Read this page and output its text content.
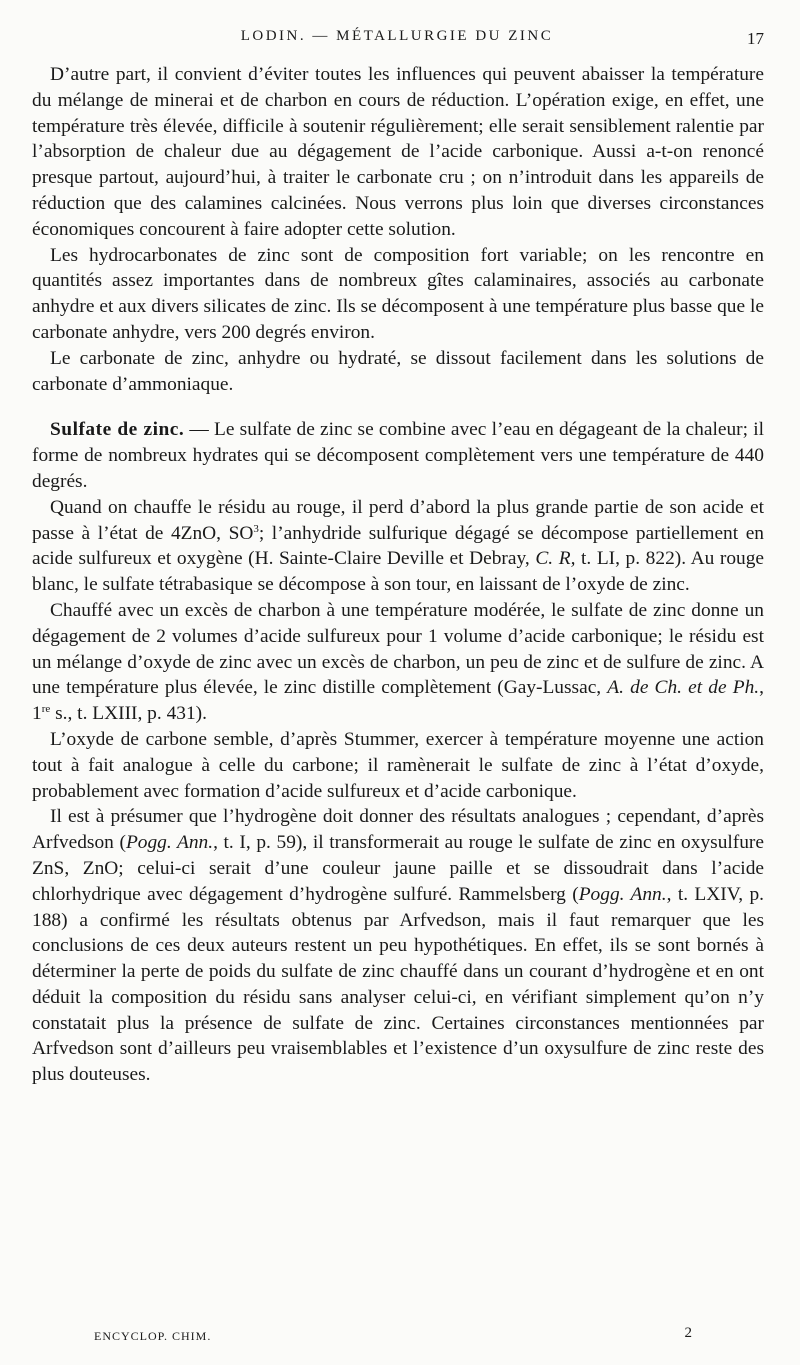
LODIN. — MÉTALLURGIE DU ZINC	17

D’autre part, il convient d’éviter toutes les influences qui peuvent abaisser la température du mélange de minerai et de charbon en cours de réduction. L’opération exige, en effet, une température très élevée, difficile à soutenir régulièrement; elle serait sensiblement ralentie par l’absorption de chaleur due au dégagement de l’acide carbonique. Aussi a-t-on renoncé presque partout, aujourd’hui, à traiter le carbonate cru ; on n’introduit dans les appareils de réduction que des calamines calcinées. Nous verrons plus loin que diverses circonstances économiques concourent à faire adopter cette solution.

Les hydrocarbonates de zinc sont de composition fort variable; on les rencontre en quantités assez importantes dans de nombreux gîtes calaminaires, associés au carbonate anhydre et aux divers silicates de zinc. Ils se décomposent à une température plus basse que le carbonate anhydre, vers 200 degrés environ.

Le carbonate de zinc, anhydre ou hydraté, se dissout facilement dans les solutions de carbonate d’ammoniaque.

Sulfate de zinc. — Le sulfate de zinc se combine avec l’eau en dégageant de la chaleur; il forme de nombreux hydrates qui se décomposent complètement vers une température de 440 degrés.

Quand on chauffe le résidu au rouge, il perd d’abord la plus grande partie de son acide et passe à l’état de 4ZnO, $SO^3$; l’anhydride sulfurique dégagé se décompose partiellement en acide sulfureux et oxygène (H. Sainte-Claire Deville et Debray, C. R, t. LI, p. 822). Au rouge blanc, le sulfate tétrabasique se décompose à son tour, en laissant de l’oxyde de zinc.

Chauffé avec un excès de charbon à une température modérée, le sulfate de zinc donne un dégagement de 2 volumes d’acide sulfureux pour 1 volume d’acide carbonique; le résidu est un mélange d’oxyde de zinc avec un excès de charbon, un peu de zinc et de sulfure de zinc. A une température plus élevée, le zinc distille complètement (Gay-Lussac, A. de Ch. et de Ph., 1re s., t. LXIII, p. 431).

L’oxyde de carbone semble, d’après Stummer, exercer à température moyenne une action tout à fait analogue à celle du carbone; il ramènerait le sulfate de zinc à l’état d’oxyde, probablement avec formation d’acide sulfureux et d’acide carbonique.

Il est à présumer que l’hydrogène doit donner des résultats analogues ; cependant, d’après Arfvedson (Pogg. Ann., t. I, p. 59), il transformerait au rouge le sulfate de zinc en oxysulfure ZnS, ZnO; celui-ci serait d’une couleur jaune paille et se dissoudrait dans l’acide chlorhydrique avec dégagement d’hydrogène sulfuré. Rammelsberg (Pogg. Ann., t. LXIV, p. 188) a confirmé les résultats obtenus par Arfvedson, mais il faut remarquer que les conclusions de ces deux auteurs restent un peu hypothétiques. En effet, ils se sont bornés à déterminer la perte de poids du sulfate de zinc chauffé dans un courant d’hydrogène et en ont déduit la composition du résidu sans analyser celui-ci, en vérifiant simplement qu’on n’y constatait plus la présence de sulfate de zinc. Certaines circonstances mentionnées par Arfvedson sont d’ailleurs peu vraisemblables et l’existence d’un oxysulfure de zinc reste des plus douteuses.

ENCYCLOP. CHIM.	2
